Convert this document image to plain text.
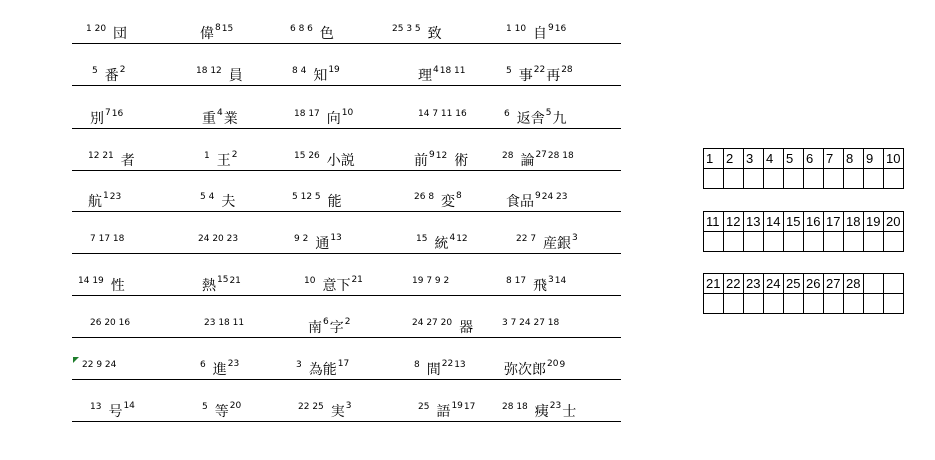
1 20 団	偉 8 15	6 8 6 色	25 3 5 致	1 10 自 9 16
5 番 2	18 12 員	8 4 知 19	理 4 18 11	5 事 22 再 28
別 7 16	重 4 業	18 17 向 10	14 7 11 16	6 返舎 5 九
12 21 者	1 王 2	15 26 小説	前 9 12 術	28 論 27 28 18
航 1 23	5 4 夫	5 12 5 能	26 8 変 8	食品 9 24 23
7 17 18	24 20 23	9 2 通 13	15 統 4 12	22 7 産銀 3
14 19 性	熱 15 21	10 意下 21	19 7 9 2	8 17 飛 3 14
26 20 16	23 18 11	南 6 字 2	24 27 20 器	3 7 24 27 18
22 9 24	6 進 23	3 為能 17	8 間 22 13	弥次郎 20 9
13 号 14	5 等 20	22 25 実 3	25 語 19 17	28 18 痍 23 士
1	2	3	4	5	6	7	8	9	10

11	12	13	14	15	16	17	18	19	20

21	22	23	24	25	26	27	28		
